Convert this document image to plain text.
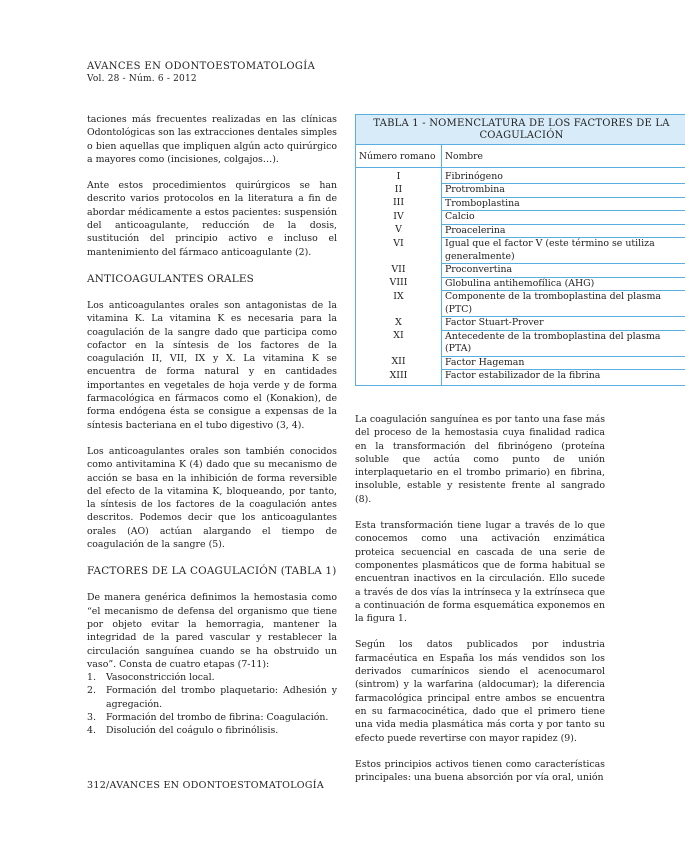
AVANCES EN ODONTOESTOMATOLOGÍA
Vol. 28 - Núm. 6 - 2012

taciones más frecuentes realizadas en las clínicas Odontológicas son las extracciones dentales simples o bien aquellas que impliquen algún acto quirúrgico a mayores como (incisiones, colgajos…).

Ante estos procedimientos quirúrgicos se han descrito varios protocolos en la literatura a fin de abordar médicamente a estos pacientes: suspensión del anticoagulante, reducción de la dosis, sustitución del principio activo e incluso el mantenimiento del fármaco anticoagulante (2).

ANTICOAGULANTES ORALES

Los anticoagulantes orales son antagonistas de la vitamina K. La vitamina K es necesaria para la coagulación de la sangre dado que participa como cofactor en la síntesis de los factores de la coagulación II, VII, IX y X. La vitamina K se encuentra de forma natural y en cantidades importantes en vegetales de hoja verde y de forma farmacológica en fármacos como el (Konakion), de forma endógena ésta se consigue a expensas de la síntesis bacteriana en el tubo digestivo (3, 4).

Los anticoagulantes orales son también conocidos como antivitamina K (4) dado que su mecanismo de acción se basa en la inhibición de forma reversible del efecto de la vitamina K, bloqueando, por tanto, la síntesis de los factores de la coagulación antes descritos. Podemos decir que los anticoagulantes orales (AO) actúan alargando el tiempo de coagulación de la sangre (5).

FACTORES DE LA COAGULACIÓN (TABLA 1)

De manera genérica definimos la hemostasia como “el mecanismo de defensa del organismo que tiene por objeto evitar la hemorragia, mantener la integridad de la pared vascular y restablecer la circulación sanguínea cuando se ha obstruido un vaso”. Consta de cuatro etapas (7-11):

1. Vasoconstricción local.
2. Formación del trombo plaquetario: Adhesión y agregación.
3. Formación del trombo de fibrina: Coagulación.
4. Disolución del coágulo o fibrinólisis.
TABLA 1 - NOMENCLATURA DE LOS FACTORES DE LA COAGULACIÓN
Número romano	Nombre
I	Fibrinógeno
II	Protrombina
III	Tromboplastina
IV	Calcio
V	Proacelerina
VI	Igual que el factor V (este término se utiliza generalmente)
VII	Proconvertina
VIII	Globulina antihemofílica (AHG)
IX	Componente de la tromboplastina del plasma (PTC)
X	Factor Stuart-Prover
XI	Antecedente de la tromboplastina del plasma (PTA)
XII	Factor Hageman
XIII	Factor estabilizador de la fibrina

La coagulación sanguínea es por tanto una fase más del proceso de la hemostasia cuya finalidad radica en la transformación del fibrinógeno (proteína soluble que actúa como punto de unión interplaquetario en el trombo primario) en fibrina, insoluble, estable y resistente frente al sangrado (8).

Esta transformación tiene lugar a través de lo que conocemos como una activación enzimática proteica secuencial en cascada de una serie de componentes plasmáticos que de forma habitual se encuentran inactivos en la circulación. Ello sucede a través de dos vías la intrínseca y la extrínseca que a continuación de forma esquemática exponemos en la figura 1.

Según los datos publicados por industria farmacéutica en España los más vendidos son los derivados cumarínicos siendo el acenocumarol (sintrom) y la warfarina (aldocumar); la diferencia farmacológica principal entre ambos se encuentra en su farmacocinética, dado que el primero tiene una vida media plasmática más corta y por tanto su efecto puede revertirse con mayor rapidez (9).

Estos principios activos tienen como características principales: una buena absorción por vía oral, unión

312/AVANCES EN ODONTOESTOMATOLOGÍA
